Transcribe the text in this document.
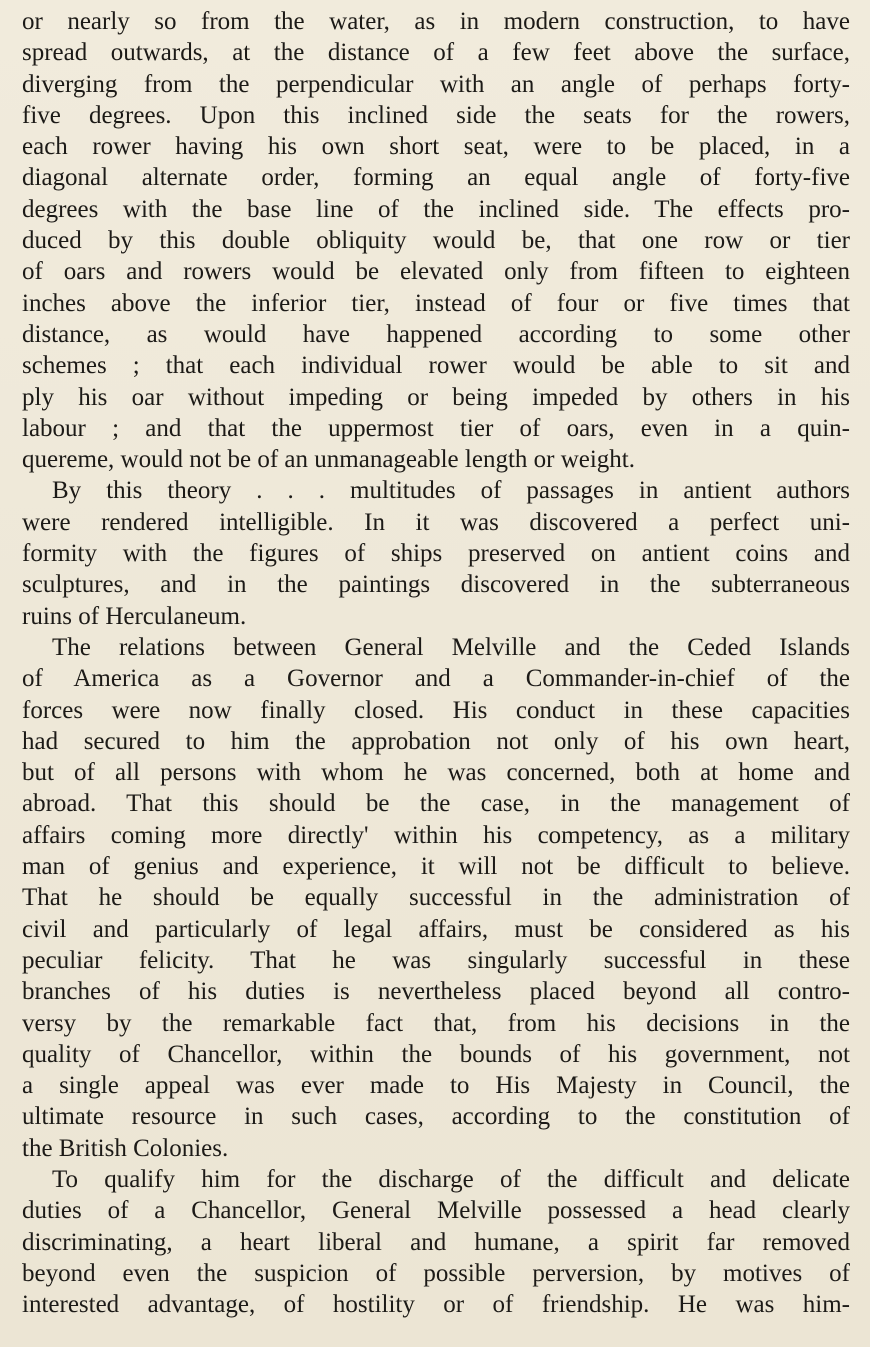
or nearly so from the water, as in modern construction, to have
spread outwards, at the distance of a few feet above the surface,
diverging from the perpendicular with an angle of perhaps forty-
five degrees. Upon this inclined side the seats for the rowers,
each rower having his own short seat, were to be placed, in a
diagonal alternate order, forming an equal angle of forty-five
degrees with the base line of the inclined side. The effects pro-
duced by this double obliquity would be, that one row or tier
of oars and rowers would be elevated only from fifteen to eighteen
inches above the inferior tier, instead of four or five times that
distance, as would have happened according to some other
schemes ; that each individual rower would be able to sit and
ply his oar without impeding or being impeded by others in his
labour ; and that the uppermost tier of oars, even in a quin-
quereme, would not be of an unmanageable length or weight.
By this theory . . . multitudes of passages in antient authors
were rendered intelligible. In it was discovered a perfect uni-
formity with the figures of ships preserved on antient coins and
sculptures, and in the paintings discovered in the subterraneous
ruins of Herculaneum.
The relations between General Melville and the Ceded Islands
of America as a Governor and a Commander-in-chief of the
forces were now finally closed. His conduct in these capacities
had secured to him the approbation not only of his own heart,
but of all persons with whom he was concerned, both at home and
abroad. That this should be the case, in the management of
affairs coming more directly' within his competency, as a military
man of genius and experience, it will not be difficult to believe.
That he should be equally successful in the administration of
civil and particularly of legal affairs, must be considered as his
peculiar felicity. That he was singularly successful in these
branches of his duties is nevertheless placed beyond all contro-
versy by the remarkable fact that, from his decisions in the
quality of Chancellor, within the bounds of his government, not
a single appeal was ever made to His Majesty in Council, the
ultimate resource in such cases, according to the constitution of
the British Colonies.
To qualify him for the discharge of the difficult and delicate
duties of a Chancellor, General Melville possessed a head clearly
discriminating, a heart liberal and humane, a spirit far removed
beyond even the suspicion of possible perversion, by motives of
interested advantage, of hostility or of friendship. He was him-
